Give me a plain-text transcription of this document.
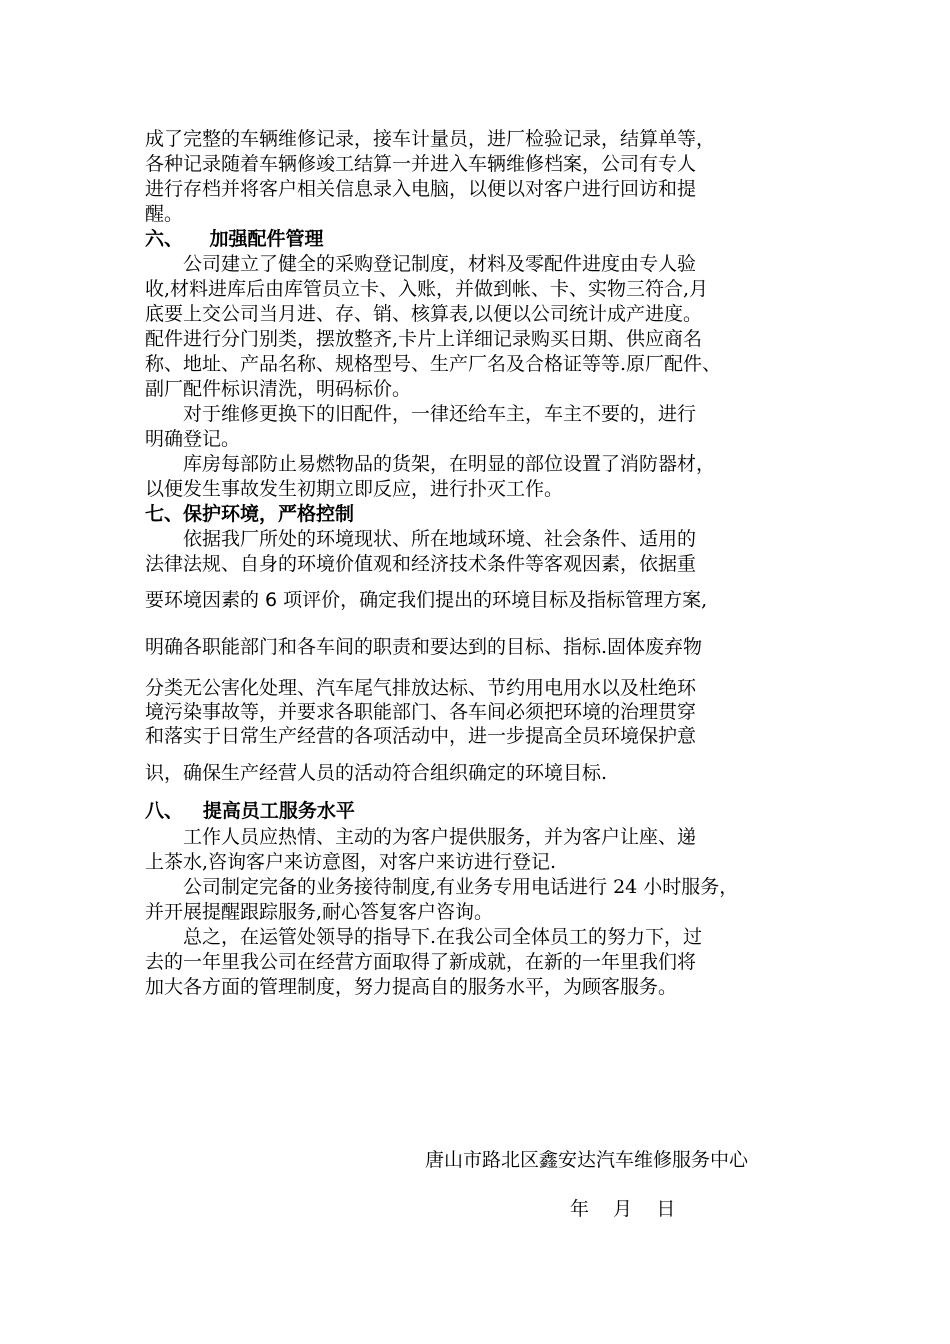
成了完整的车辆维修记录，接车计量员，进厂检验记录，结算单等，
各种记录随着车辆修竣工结算一并进入车辆维修档案，公司有专人
进行存档并将客户相关信息录入电脑，以便以对客户进行回访和提
醒。
六、    加强配件管理
公司建立了健全的采购登记制度，材料及零配件进度由专人验
收,材料进库后由库管员立卡、入账，并做到帐、卡、实物三符合,月
底要上交公司当月进、存、销、核算表,以便以公司统计成产进度。
配件进行分门别类，摆放整齐,卡片上详细记录购买日期、供应商名
称、地址、产品名称、规格型号、生产厂名及合格证等等.原厂配件、
副厂配件标识清洗，明码标价。
对于维修更换下的旧配件，一律还给车主，车主不要的，进行
明确登记。
库房每部防止易燃物品的货架，在明显的部位设置了消防器材，
以便发生事故发生初期立即反应，进行扑灭工作。
七、保护环境，严格控制
依据我厂所处的环境现状、所在地域环境、社会条件、适用的
法律法规、自身的环境价值观和经济技术条件等客观因素，依据重
要环境因素的 6 项评价，确定我们提出的环境目标及指标管理方案,
明确各职能部门和各车间的职责和要达到的目标、指标.固体废弃物
分类无公害化处理、汽车尾气排放达标、节约用电用水以及杜绝环
境污染事故等，并要求各职能部门、各车间必须把环境的治理贯穿
和落实于日常生产经营的各项活动中，进一步提高全员环境保护意
识，确保生产经营人员的活动符合组织确定的环境目标.
八、   提高员工服务水平
工作人员应热情、主动的为客户提供服务，并为客户让座、递
上茶水,咨询客户来访意图，对客户来访进行登记.
公司制定完备的业务接待制度,有业务专用电话进行 24 小时服务，
并开展提醒跟踪服务,耐心答复客户咨询。
总之，在运管处领导的指导下.在我公司全体员工的努力下，过
去的一年里我公司在经营方面取得了新成就，在新的一年里我们将
加大各方面的管理制度，努力提高自的服务水平，为顾客服务。
唐山市路北区鑫安达汽车维修服务中心
年    月    日
